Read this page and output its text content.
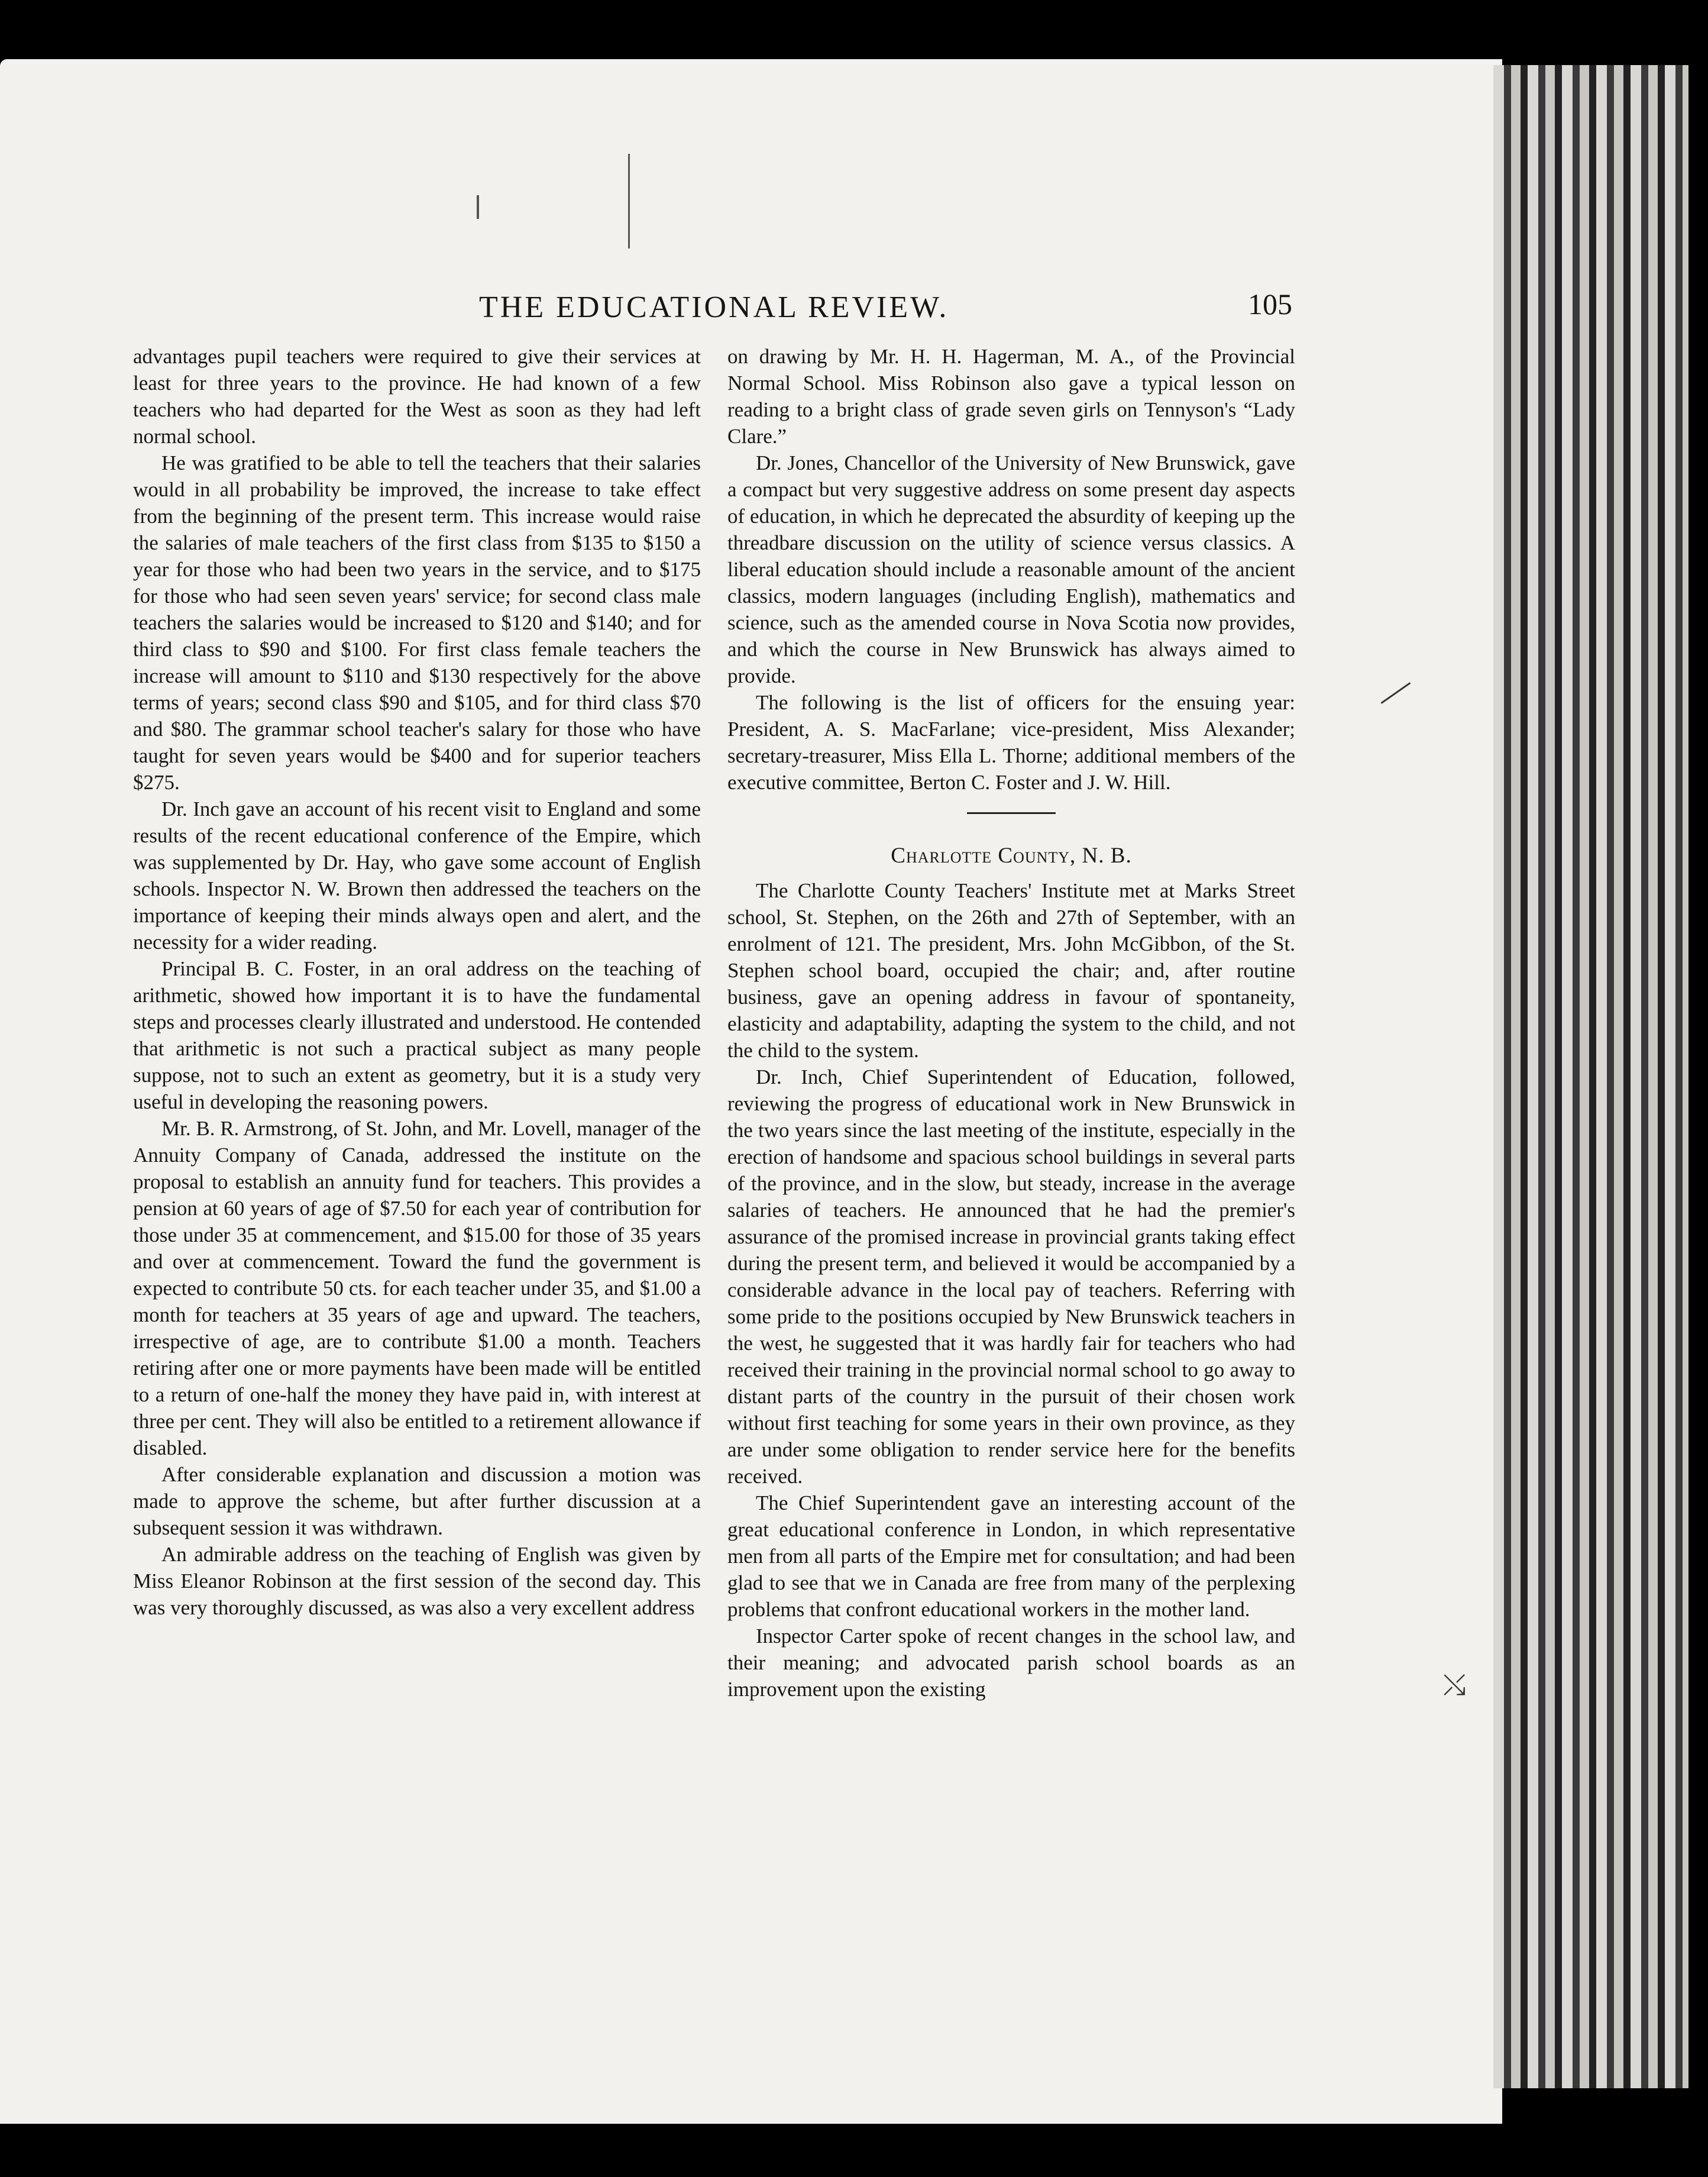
THE EDUCATIONAL REVIEW.	105

advantages pupil teachers were required to give their services at least for three years to the province. He had known of a few teachers who had departed for the West as soon as they had left normal school.

He was gratified to be able to tell the teachers that their salaries would in all probability be improved, the increase to take effect from the beginning of the present term. This increase would raise the salaries of male teachers of the first class from $135 to $150 a year for those who had been two years in the service, and to $175 for those who had seen seven years' service; for second class male teachers the salaries would be increased to $120 and $140; and for third class to $90 and $100. For first class female teachers the increase will amount to $110 and $130 respectively for the above terms of years; second class $90 and $105, and for third class $70 and $80. The grammar school teacher's salary for those who have taught for seven years would be $400 and for superior teachers $275.

Dr. Inch gave an account of his recent visit to England and some results of the recent educational conference of the Empire, which was supplemented by Dr. Hay, who gave some account of English schools. Inspector N. W. Brown then addressed the teachers on the importance of keeping their minds always open and alert, and the necessity for a wider reading.

Principal B. C. Foster, in an oral address on the teaching of arithmetic, showed how important it is to have the fundamental steps and processes clearly illustrated and understood. He contended that arithmetic is not such a practical subject as many people suppose, not to such an extent as geometry, but it is a study very useful in developing the reasoning powers.

Mr. B. R. Armstrong, of St. John, and Mr. Lovell, manager of the Annuity Company of Canada, addressed the institute on the proposal to establish an annuity fund for teachers. This provides a pension at 60 years of age of $7.50 for each year of contribution for those under 35 at commencement, and $15.00 for those of 35 years and over at commencement. Toward the fund the government is expected to contribute 50 cts. for each teacher under 35, and $1.00 a month for teachers at 35 years of age and upward. The teachers, irrespective of age, are to contribute $1.00 a month. Teachers retiring after one or more payments have been made will be entitled to a return of one-half the money they have paid in, with interest at three per cent. They will also be entitled to a retirement allowance if disabled.

After considerable explanation and discussion a motion was made to approve the scheme, but after further discussion at a subsequent session it was withdrawn.

An admirable address on the teaching of English was given by Miss Eleanor Robinson at the first session of the second day. This was very thoroughly discussed, as was also a very excellent address

on drawing by Mr. H. H. Hagerman, M. A., of the Provincial Normal School. Miss Robinson also gave a typical lesson on reading to a bright class of grade seven girls on Tennyson's “Lady Clare.”

Dr. Jones, Chancellor of the University of New Brunswick, gave a compact but very suggestive address on some present day aspects of education, in which he deprecated the absurdity of keeping up the threadbare discussion on the utility of science versus classics. A liberal education should include a reasonable amount of the ancient classics, modern languages (including English), mathematics and science, such as the amended course in Nova Scotia now provides, and which the course in New Brunswick has always aimed to provide.

The following is the list of officers for the ensuing year: President, A. S. MacFarlane; vice-president, Miss Alexander; secretary-treasurer, Miss Ella L. Thorne; additional members of the executive committee, Berton C. Foster and J. W. Hill.

Charlotte County, N. B.

The Charlotte County Teachers' Institute met at Marks Street school, St. Stephen, on the 26th and 27th of September, with an enrolment of 121. The president, Mrs. John McGibbon, of the St. Stephen school board, occupied the chair; and, after routine business, gave an opening address in favour of spontaneity, elasticity and adaptability, adapting the system to the child, and not the child to the system.

Dr. Inch, Chief Superintendent of Education, followed, reviewing the progress of educational work in New Brunswick in the two years since the last meeting of the institute, especially in the erection of handsome and spacious school buildings in several parts of the province, and in the slow, but steady, increase in the average salaries of teachers. He announced that he had the premier's assurance of the promised increase in provincial grants taking effect during the present term, and believed it would be accompanied by a considerable advance in the local pay of teachers. Referring with some pride to the positions occupied by New Brunswick teachers in the west, he suggested that it was hardly fair for teachers who had received their training in the provincial normal school to go away to distant parts of the country in the pursuit of their chosen work without first teaching for some years in their own province, as they are under some obligation to render service here for the benefits received.

The Chief Superintendent gave an interesting account of the great educational conference in London, in which representative men from all parts of the Empire met for consultation; and had been glad to see that we in Canada are free from many of the perplexing problems that confront educational workers in the mother land.

Inspector Carter spoke of recent changes in the school law, and their meaning; and advocated parish school boards as an improvement upon the existing	⤯
